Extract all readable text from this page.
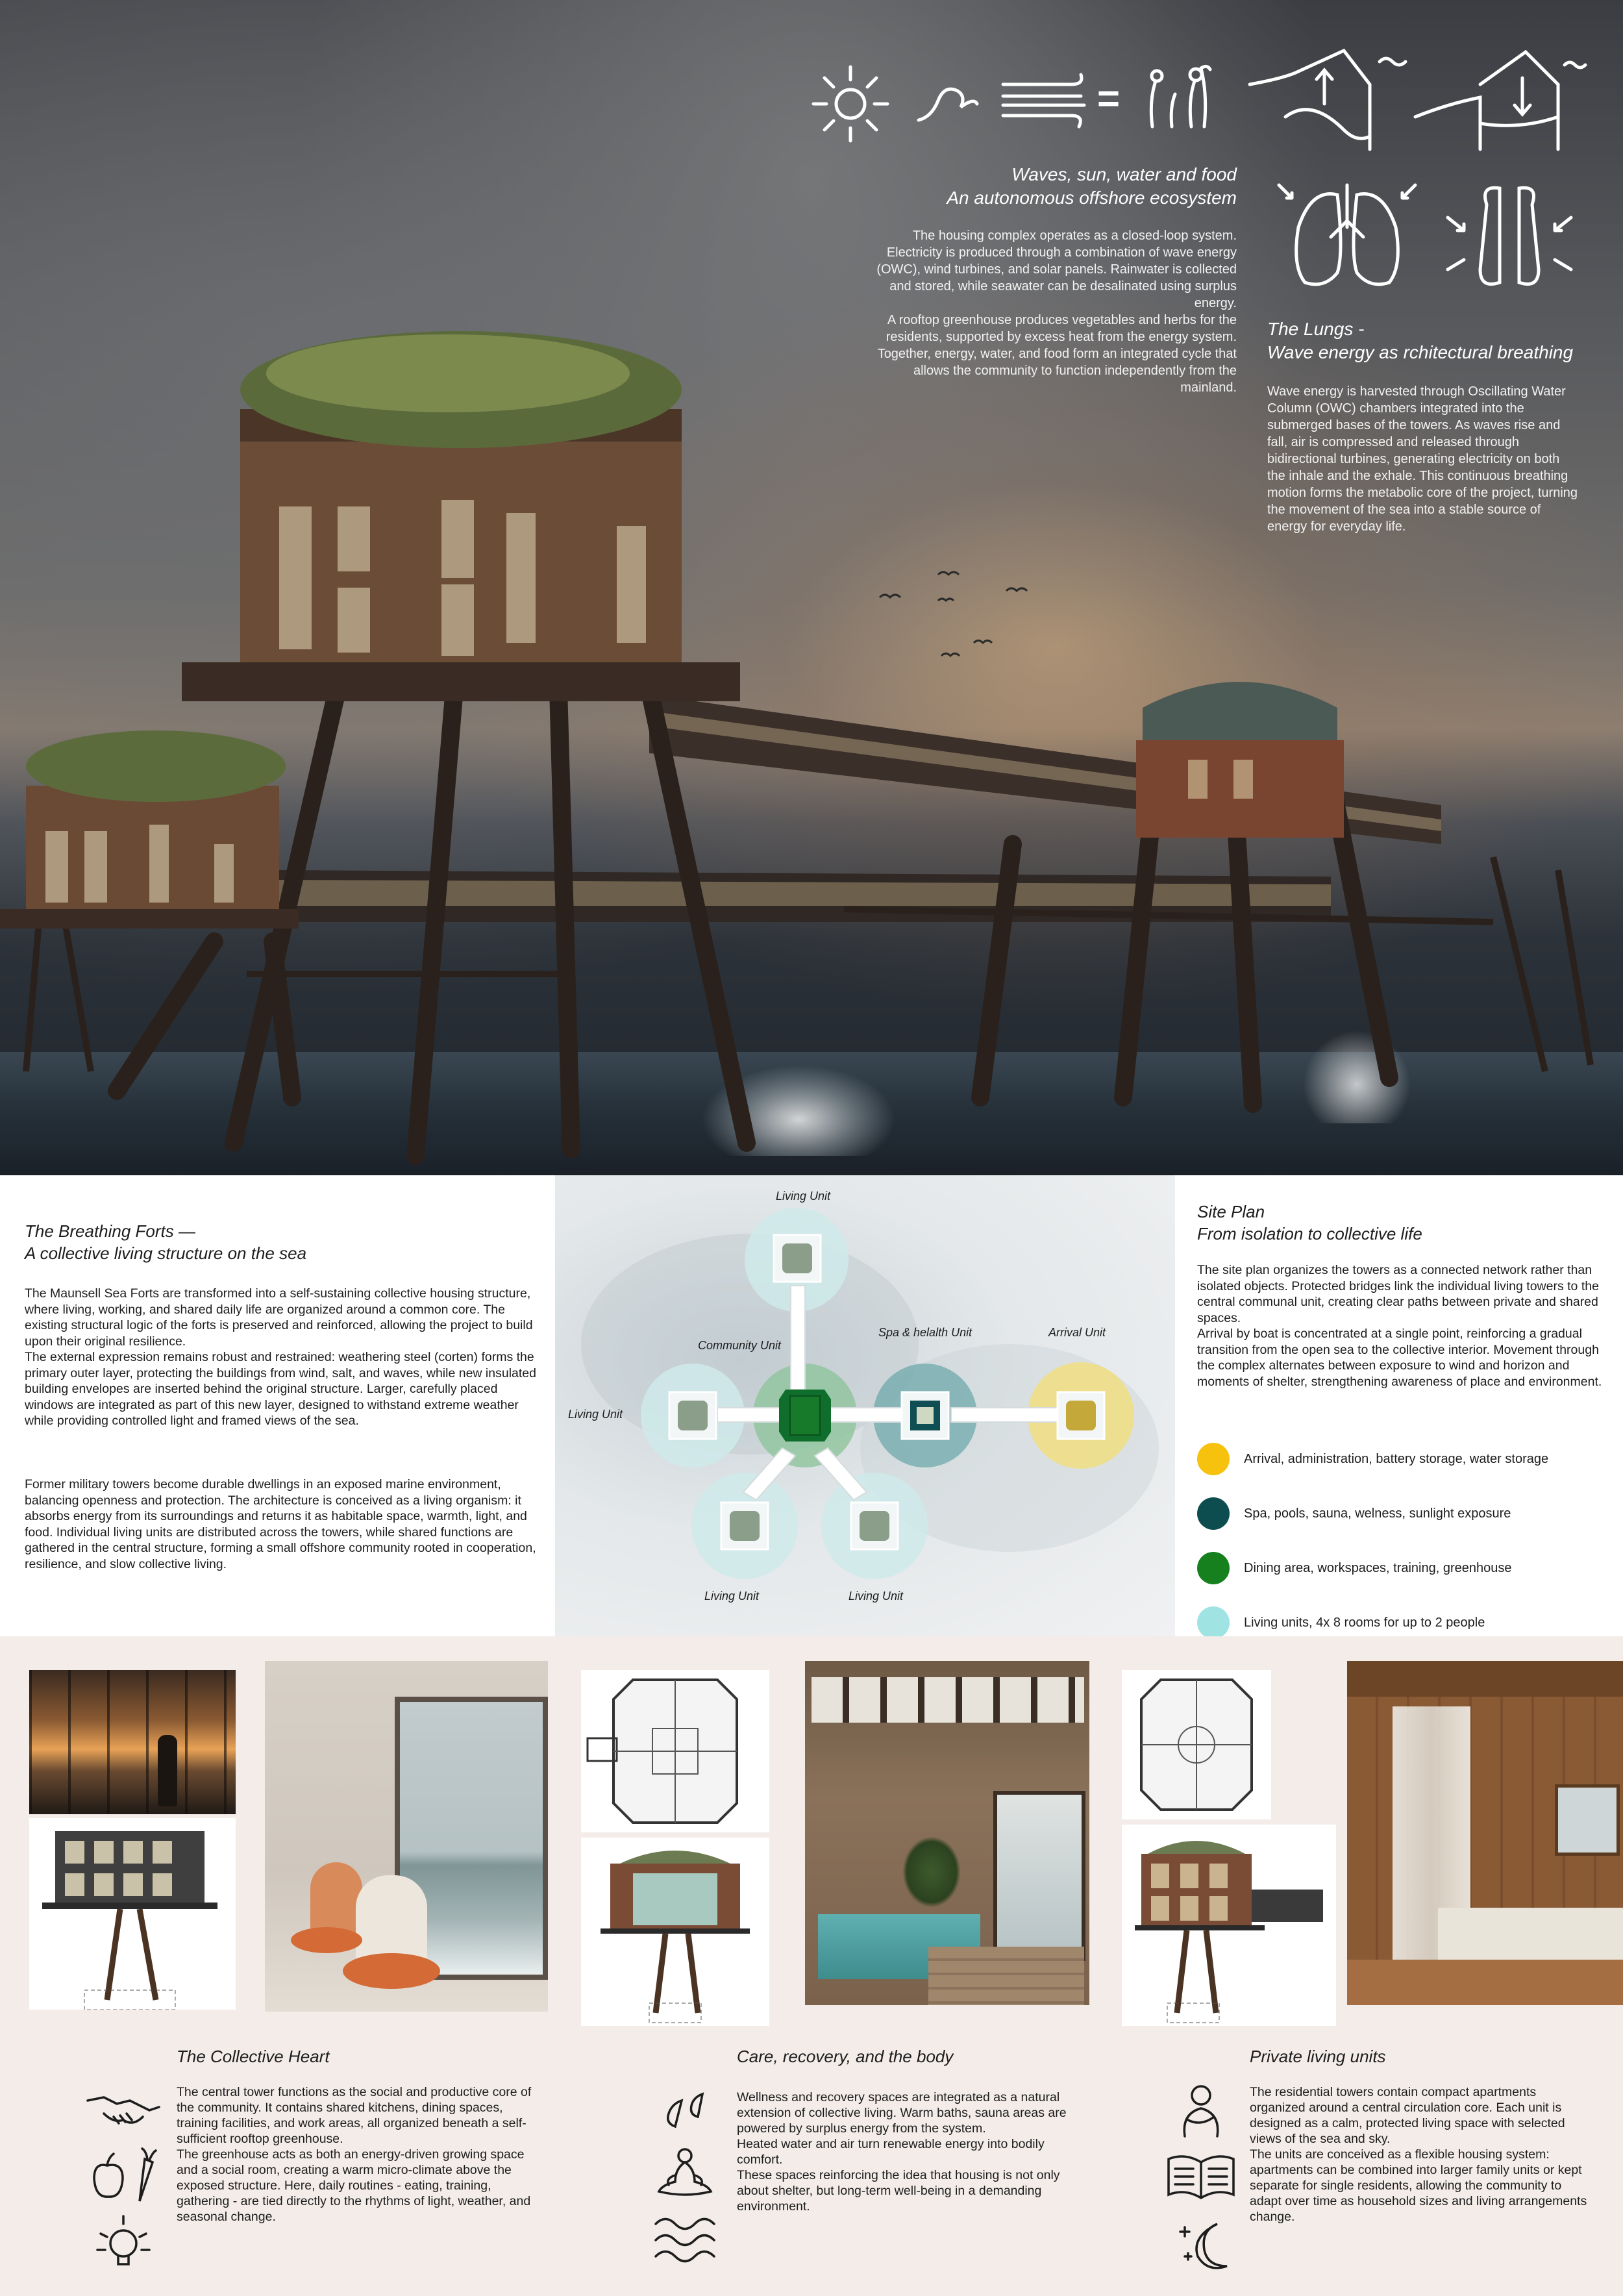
=
Waves, sun, water and food
An autonomous offshore ecosystem
The housing complex operates as a closed-loop system. Electricity is produced through a combination of wave energy (OWC), wind turbines, and solar panels. Rainwater is collected and stored, while seawater can be desalinated using surplus energy.
A rooftop greenhouse produces vegetables and herbs for the residents, supported by excess heat from the energy system. Together, energy, water, and food form an integrated cycle that allows the community to function independently from the mainland.
The Lungs -
Wave energy as rchitectural breathing
Wave energy is harvested through Oscillating Water Column (OWC) chambers integrated into the submerged bases of the towers. As waves rise and fall, air is compressed and released through bidirectional turbines, generating electricity on both the inhale and the exhale. This continuous breathing motion forms the metabolic core of the project, turning the movement of the sea into a stable source of energy for everyday life.
The Breathing Forts —
A collective living structure on the sea
The Maunsell Sea Forts are transformed into a self-sustaining collective housing structure, where living, working, and shared daily life are organized around a common core. The existing structural logic of the forts is preserved and reinforced, allowing the project to build upon their original resilience.
The external expression remains robust and restrained: weathering steel (corten) forms the primary outer layer, protecting the buildings from wind, salt, and waves, while new insulated building envelopes are inserted behind the original structure. Larger, carefully placed windows are integrated as part of this new layer, designed to withstand extreme weather while providing controlled light and framed views of the sea.
Former military towers become durable dwellings in an exposed marine environment, balancing openness and protection. The architecture is conceived as a living organism: it absorbs energy from its surroundings and returns it as habitable space, warmth, light, and food. Individual living units are distributed across the towers, while shared functions are gathered in the central structure, forming a small offshore community rooted in cooperation, resilience, and slow collective living.
Living Unit
Community Unit
Spa & helalth Unit	Arrival Unit
Living Unit
Living Unit	Living Unit
Site Plan
From isolation to collective life
The site plan organizes the towers as a connected network rather than isolated objects. Protected bridges link the individual living towers to the central communal unit, creating clear paths between private and shared spaces.
Arrival by boat is concentrated at a single point, reinforcing a gradual transition from the open sea to the collective interior. Movement through the complex alternates between exposure to wind and horizon and moments of shelter, strengthening awareness of place and environment.
Arrival, administration, battery storage, water storage
Spa, pools, sauna, welness, sunlight exposure
Dining area, workspaces, training, greenhouse
Living units, 4x 8 rooms for up to 2 people
The Collective Heart
The central tower functions as the social and productive core of the community. It contains shared kitchens, dining spaces, training facilities, and work areas, all organized beneath a self-sufficient rooftop greenhouse.
The greenhouse acts as both an energy-driven growing space and a social room, creating a warm micro-climate above the exposed structure. Here, daily routines - eating, training, gathering - are tied directly to the rhythms of light, weather, and seasonal change.
Care, recovery, and the body
Wellness and recovery spaces are integrated as a natural extension of collective living. Warm baths, sauna areas are powered by surplus energy from the system.
Heated water and air turn renewable energy into bodily comfort.
These spaces reinforcing the idea that housing is not only about shelter, but long-term well-being in a demanding environment.
Private living units
The residential towers contain compact apartments organized around a central circulation core. Each unit is designed as a calm, protected living space with selected views of the sea and sky.
The units are conceived as a flexible housing system: apartments can be combined into larger family units or kept separate for single residents, allowing the community to adapt over time as household sizes and living arrangements change.
